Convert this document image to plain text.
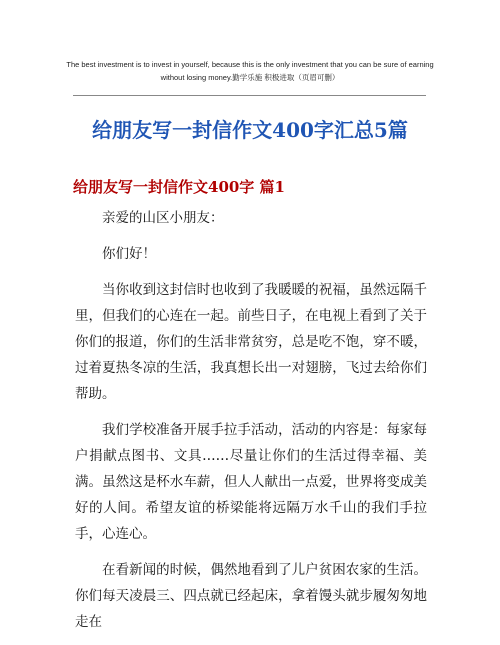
The best investment is to invest in yourself, because this is the only investment that you can be sure of earning
without losing money.勤学乐施 积极进取（页眉可删）
给朋友写一封信作文400字汇总5篇
给朋友写一封信作文400字 篇1

亲爱的山区小朋友：

你们好！

当你收到这封信时也收到了我暖暖的祝福，虽然远隔千里，但我们的心连在一起。前些日子，在电视上看到了关于你们的报道，你们的生活非常贫穷，总是吃不饱，穿不暖，过着夏热冬凉的生活，我真想长出一对翅膀，飞过去给你们帮助。

我们学校准备开展手拉手活动，活动的内容是：每家每户捐献点图书、文具……尽量让你们的生活过得幸福、美满。虽然这是杯水车薪，但人人献出一点爱，世界将变成美好的人间。希望友谊的桥梁能将远隔万水千山的我们手拉手，心连心。

在看新闻的时候，偶然地看到了儿户贫困农家的生活。你们每天凌晨三、四点就已经起床，拿着馒头就步履匆匆地走在
